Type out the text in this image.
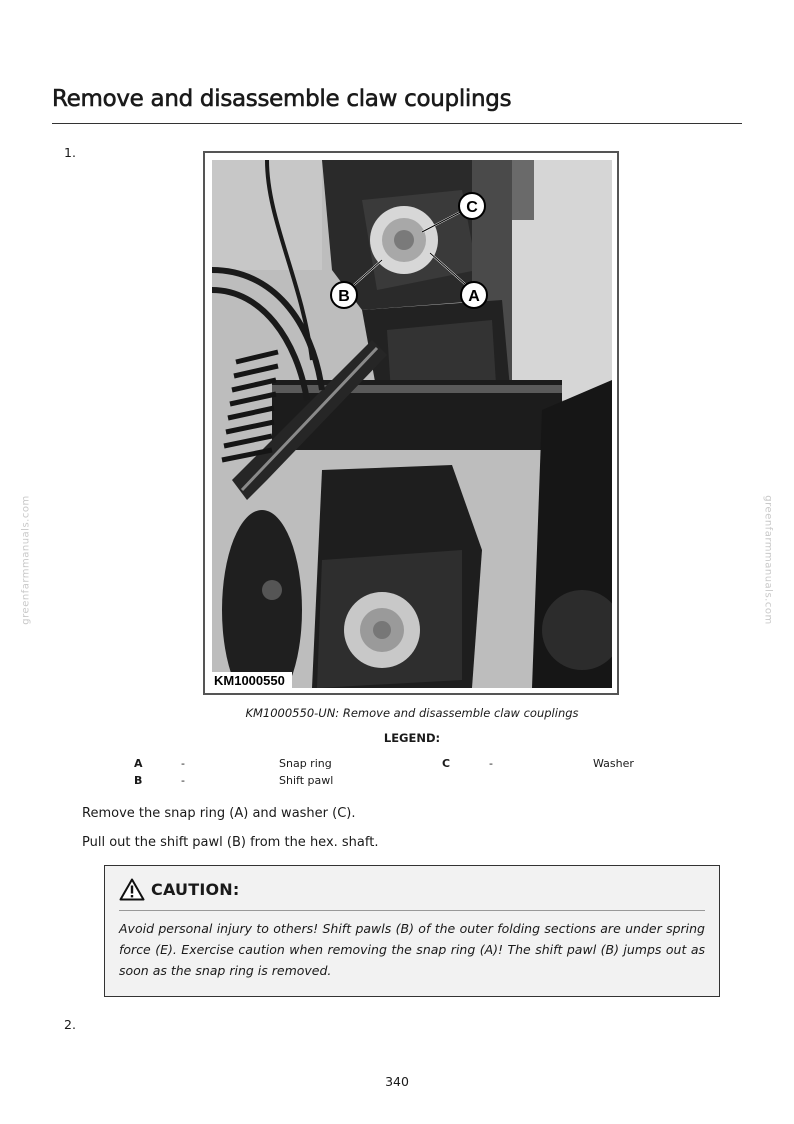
Remove and disassemble claw couplings
1.
C
B	A
KM1000550
KM1000550-UN: Remove and disassemble claw couplings
LEGEND:
A	-	Snap ring	C	-	Washer
B	-	Shift pawl
Remove the snap ring (A) and washer (C).
Pull out the shift pawl (B) from the hex. shaft.
CAUTION:
Avoid personal injury to others! Shift pawls (B) of the outer folding sections are under spring force (E). Exercise caution when removing the snap ring (A)! The shift pawl (B) jumps out as soon as the snap ring is removed.
2.
greenfarmmanuals.com	greenfarmmanuals.com
340
